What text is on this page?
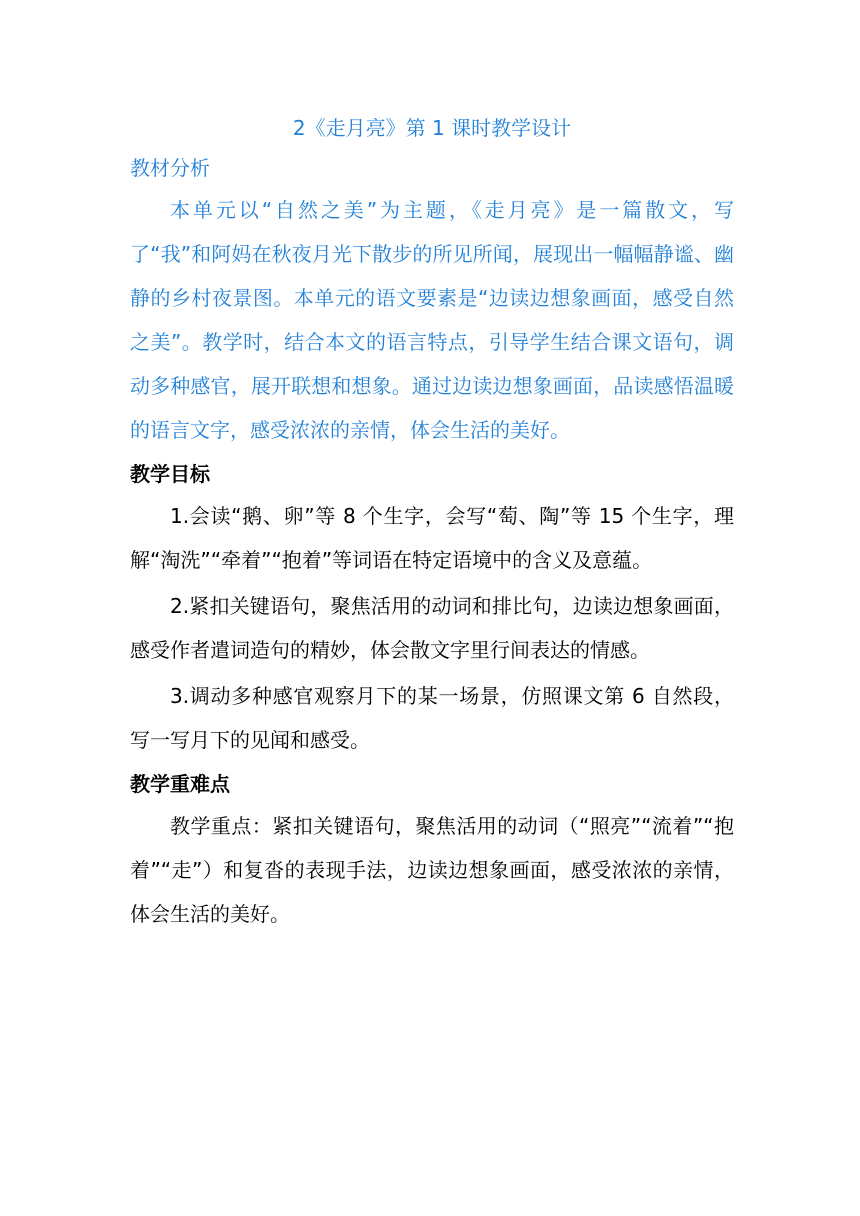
2《走月亮》第 1 课时教学设计
教材分析

本单元以“自然之美”为主题，《走月亮》是一篇散文，写了“我”和阿妈在秋夜月光下散步的所见所闻，展现出一幅幅静谧、幽静的乡村夜景图。本单元的语文要素是“边读边想象画面，感受自然之美”。教学时，结合本文的语言特点，引导学生结合课文语句，调动多种感官，展开联想和想象。通过边读边想象画面，品读感悟温暖的语言文字，感受浓浓的亲情，体会生活的美好。

教学目标

1.会读“鹅、卵”等 8 个生字，会写“萄、陶”等 15 个生字，理解“淘洗”“牵着”“抱着”等词语在特定语境中的含义及意蕴。

2.紧扣关键语句，聚焦活用的动词和排比句，边读边想象画面，感受作者遣词造句的精妙，体会散文字里行间表达的情感。

3.调动多种感官观察月下的某一场景，仿照课文第 6 自然段，写一写月下的见闻和感受。

教学重难点

教学重点：紧扣关键语句，聚焦活用的动词（“照亮”“流着”“抱着”“走”）和复沓的表现手法，边读边想象画面，感受浓浓的亲情，体会生活的美好。
